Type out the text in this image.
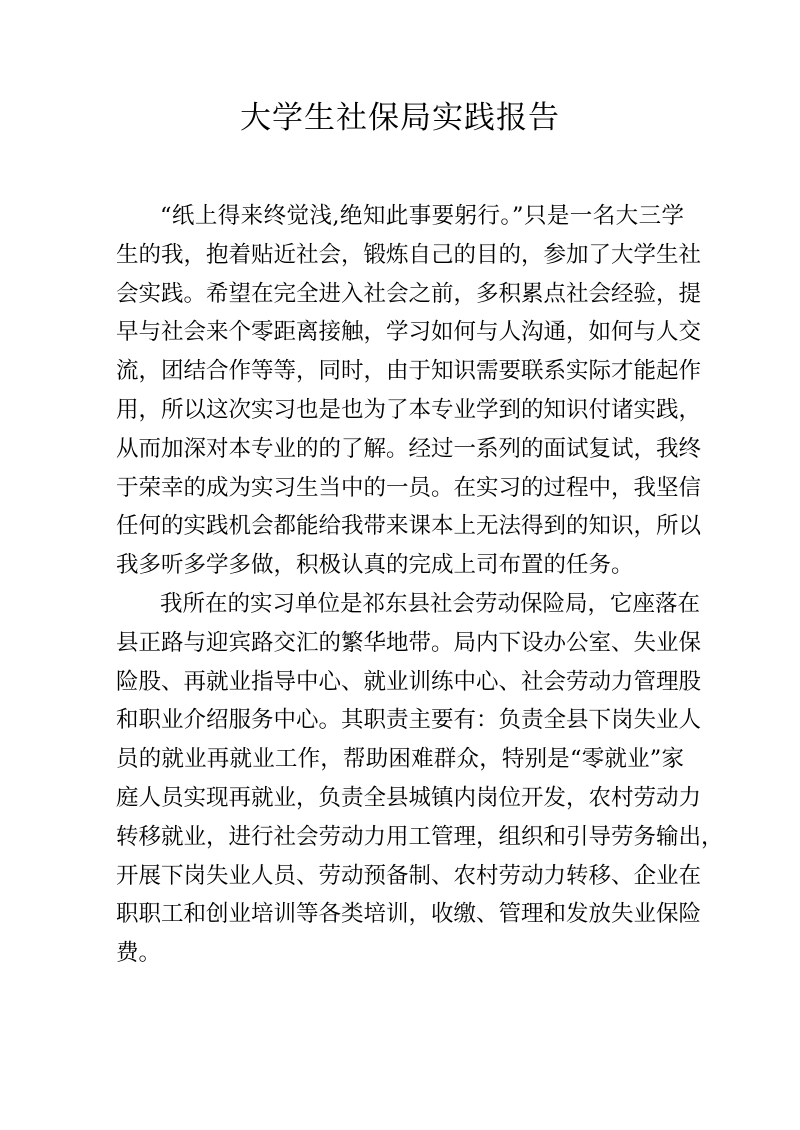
大学生社保局实践报告
“纸上得来终觉浅,绝知此事要躬行。”只是一名大三学
生的我，抱着贴近社会，锻炼自己的目的，参加了大学生社
会实践。希望在完全进入社会之前，多积累点社会经验，提
早与社会来个零距离接触，学习如何与人沟通，如何与人交
流，团结合作等等，同时，由于知识需要联系实际才能起作
用，所以这次实习也是也为了本专业学到的知识付诸实践，
从而加深对本专业的的了解。经过一系列的面试复试，我终
于荣幸的成为实习生当中的一员。在实习的过程中，我坚信
任何的实践机会都能给我带来课本上无法得到的知识，所以
我多听多学多做，积极认真的完成上司布置的任务。
我所在的实习单位是祁东县社会劳动保险局，它座落在
县正路与迎宾路交汇的繁华地带。局内下设办公室、失业保
险股、再就业指导中心、就业训练中心、社会劳动力管理股
和职业介绍服务中心。其职责主要有：负责全县下岗失业人
员的就业再就业工作，帮助困难群众，特别是“零就业”家
庭人员实现再就业，负责全县城镇内岗位开发，农村劳动力
转移就业，进行社会劳动力用工管理，组织和引导劳务输出，
开展下岗失业人员、劳动预备制、农村劳动力转移、企业在
职职工和创业培训等各类培训，收缴、管理和发放失业保险
费。
